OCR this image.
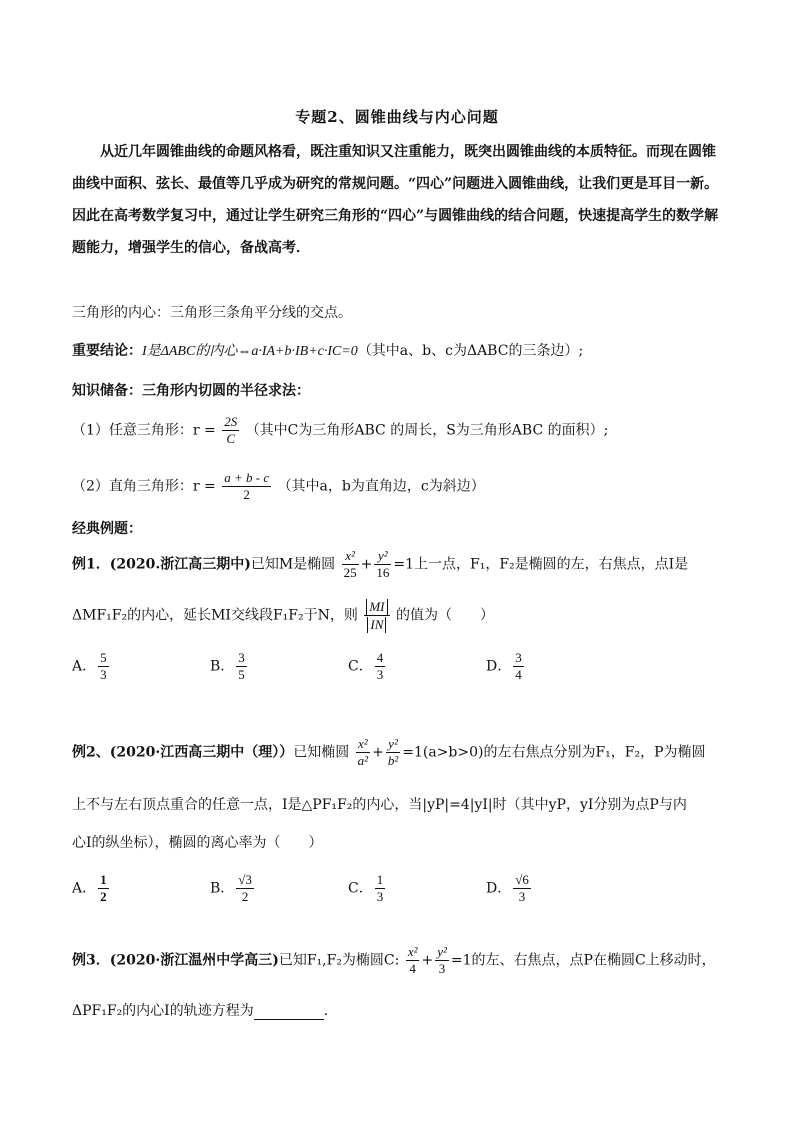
专题2、圆锥曲线与内心问题
从近几年圆锥曲线的命题风格看，既注重知识又注重能力，既突出圆锥曲线的本质特征。而现在圆锥曲线中面积、弦长、最值等几乎成为研究的常规问题。“四心”问题进入圆锥曲线，让我们更是耳目一新。因此在高考数学复习中，通过让学生研究三角形的“四心”与圆锥曲线的结合问题，快速提高学生的数学解题能力，增强学生的信心，备战高考．
三角形的内心：三角形三条角平分线的交点。
重要结论：I是ΔABC的内心⇔a·IA+b·IB+c·IC=0（其中a、b、c为ΔABC的三条边）;
知识储备：三角形内切圆的半径求法：
（1）任意三角形：$r = \frac{2S}{C}$ （其中C为三角形ABC 的周长，S为三角形ABC 的面积）;
（2）直角三角形：$r = \frac{a + b - c}{2}$ （其中a，b为直角边，c为斜边）
经典例题：
例1．(2020.浙江高三期中)已知M是椭圆 $\frac{\text{x²}}{25} + \frac{\text{y²}}{16} =1$上一点，F₁，F₂是椭圆的左，右焦点，点I是
ΔMF₁F₂的内心，延长MI交线段F₁F₂于N，则 $\frac{MI}{IN}$ 的值为（　　）
A． $\frac{5}{3}$	B． $\frac{3}{5}$	C． $\frac{4}{3}$	D． $\frac{3}{4}$
例2、(2020·江西高三期中（理））已知椭圆 $\frac{\text{x²}}{\text{a²}} + \frac{\text{y²}}{\text{b²}} =1(a>b>0)$的左右焦点分别为F₁，F₂，P为椭圆
上不与左右顶点重合的任意一点，I是△PF₁F₂的内心，当|yP|=4|yI|时（其中yP，yI分别为点P与内
心I的纵坐标），椭圆的离心率为（　　）
A． $\frac{1}{2}$	B． $\frac{√3}{2}$	C． $\frac{1}{3}$	D． $\frac{√6}{3}$
例3．(2020·浙江温州中学高三)已知F₁,F₂为椭圆C: $\frac{\text{x²}}{4} + \frac{\text{y²}}{3} =1$的左、右焦点，点P在椭圆C上移动时，
ΔPF₁F₂的内心I的轨迹方程为	．
